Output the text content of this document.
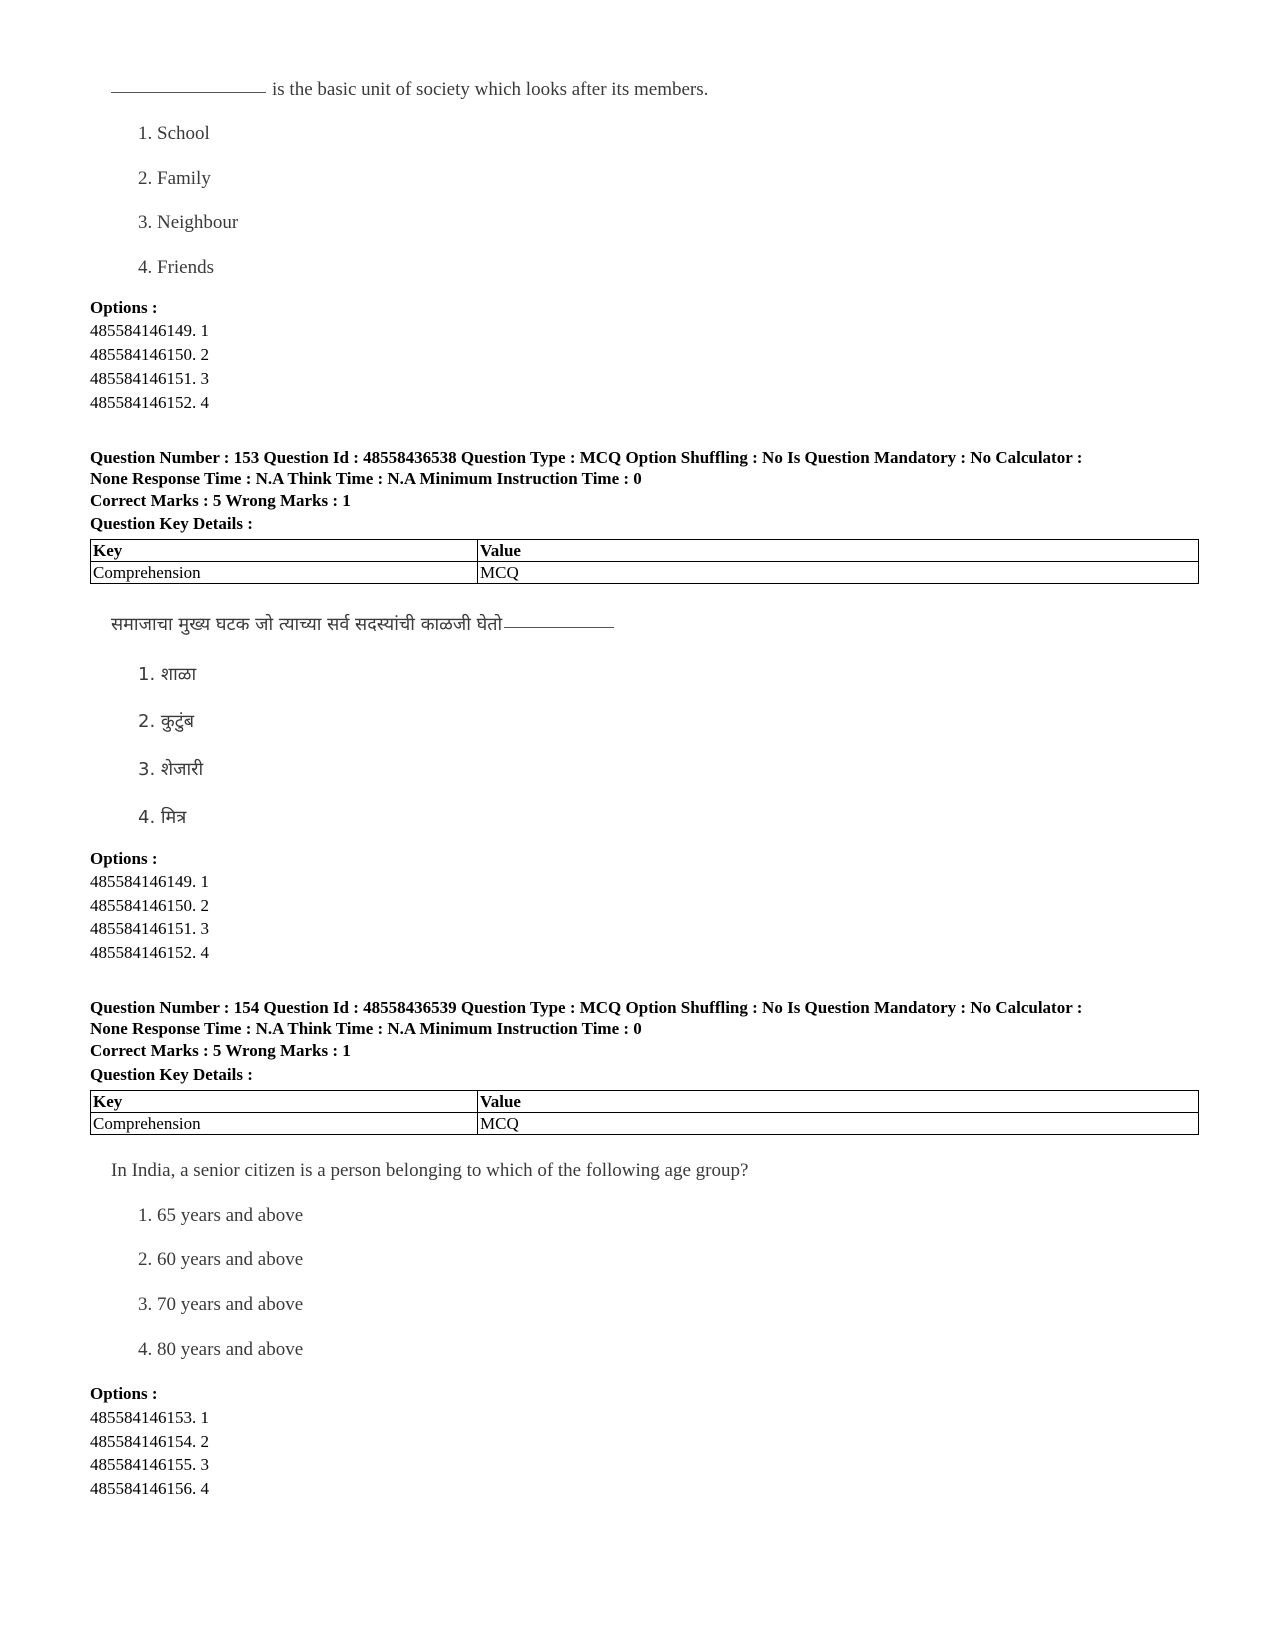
is the basic unit of society which looks after its members.
1. School
2. Family
3. Neighbour
4. Friends
Options :
485584146149. 1
485584146150. 2
485584146151. 3
485584146152. 4
Question Number : 153 Question Id : 48558436538 Question Type : MCQ Option Shuffling : No Is Question Mandatory : No Calculator :
None Response Time : N.A Think Time : N.A Minimum Instruction Time : 0
Correct Marks : 5 Wrong Marks : 1
Question Key Details :
Key	Value
Comprehension	MCQ
समाजाचा मुख्य घटक जो त्याच्या सर्व सदस्यांची काळजी घेतो
1. शाळा
2. कुटुंब
3. शेजारी
4. मित्र
Options :
485584146149. 1
485584146150. 2
485584146151. 3
485584146152. 4
Question Number : 154 Question Id : 48558436539 Question Type : MCQ Option Shuffling : No Is Question Mandatory : No Calculator :
None Response Time : N.A Think Time : N.A Minimum Instruction Time : 0
Correct Marks : 5 Wrong Marks : 1
Question Key Details :
Key	Value
Comprehension	MCQ
In India, a senior citizen is a person belonging to which of the following age group?
1. 65 years and above
2. 60 years and above
3. 70 years and above
4. 80 years and above
Options :
485584146153. 1
485584146154. 2
485584146155. 3
485584146156. 4
